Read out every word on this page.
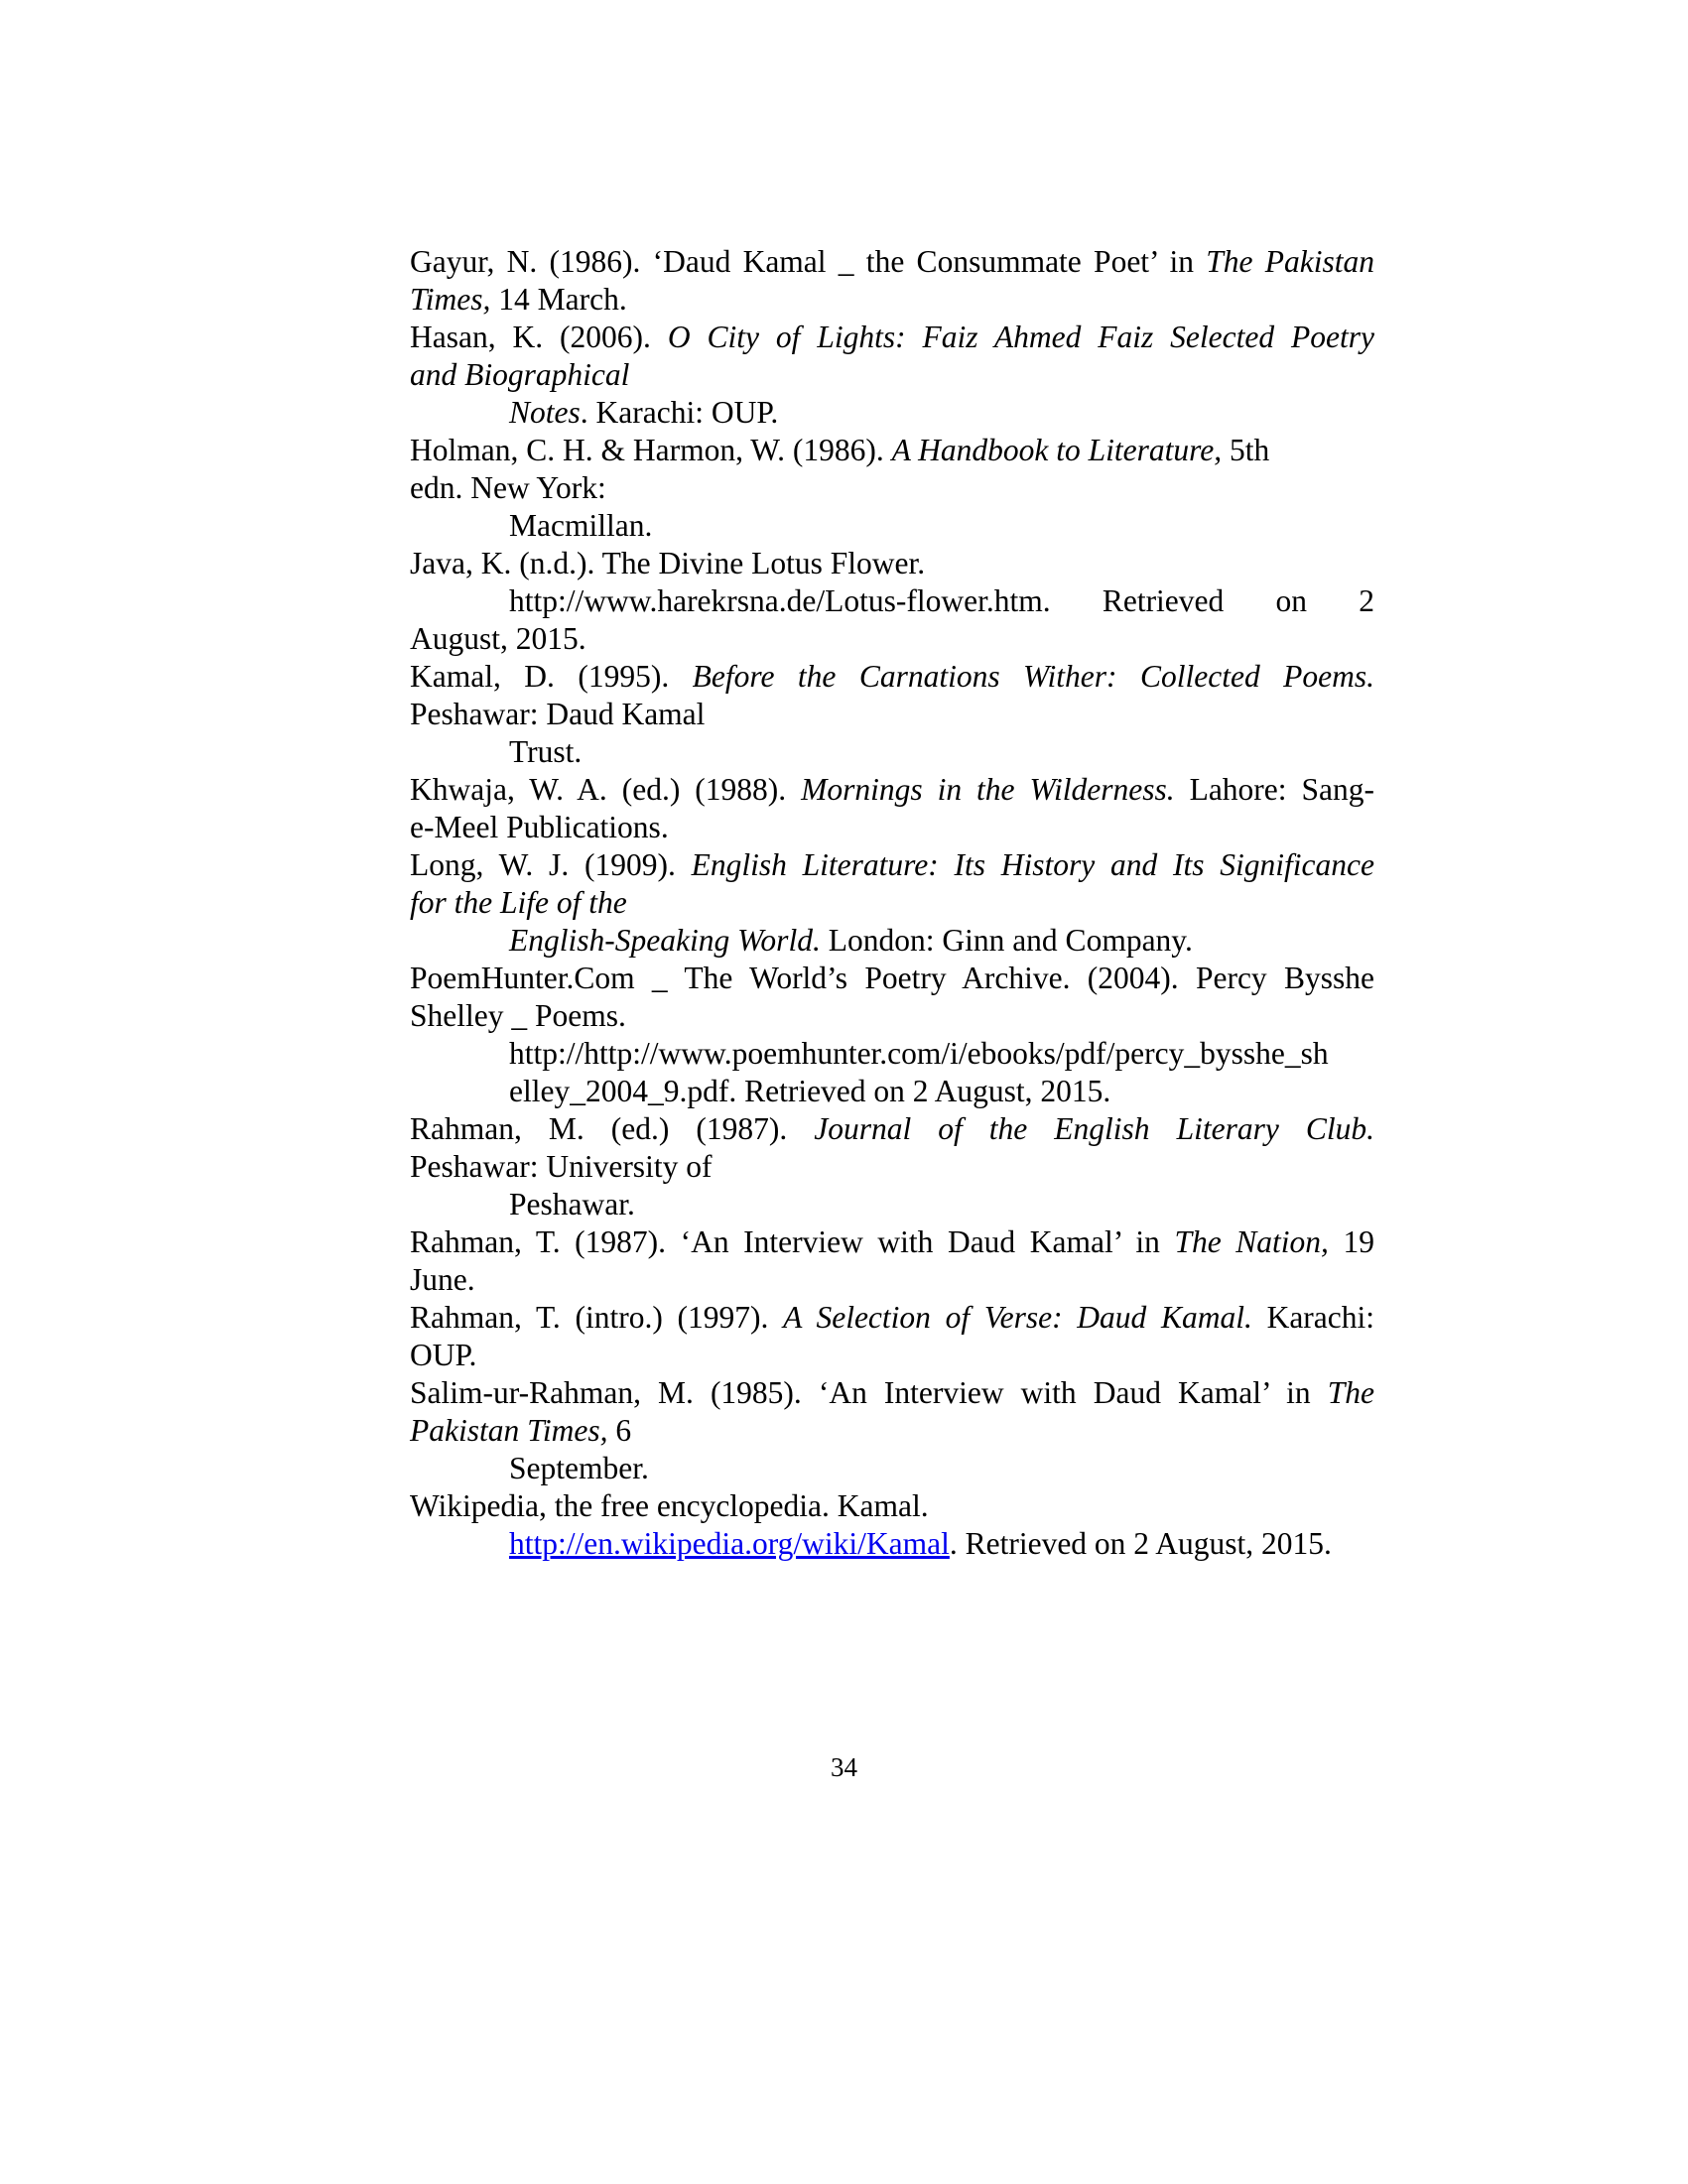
Gayur, N. (1986). ‘Daud Kamal _ the Consummate Poet’ in The Pakistan
Times, 14 March.
Hasan, K. (2006). O City of Lights: Faiz Ahmed Faiz Selected Poetry
and Biographical
Notes. Karachi: OUP.
Holman, C. H. & Harmon, W. (1986). A Handbook to Literature, 5th
edn. New York:
Macmillan.
Java, K. (n.d.). The Divine Lotus Flower.
http://www.harekrsna.de/Lotus-flower.htm. Retrieved on 2
August, 2015.
Kamal, D. (1995). Before the Carnations Wither: Collected Poems.
Peshawar: Daud Kamal
Trust.
Khwaja, W. A. (ed.) (1988). Mornings in the Wilderness. Lahore: Sang-
e-Meel Publications.
Long, W. J. (1909). English Literature: Its History and Its Significance
for the Life of the
English-Speaking World. London: Ginn and Company.
PoemHunter.Com _ The World’s Poetry Archive. (2004). Percy Bysshe
Shelley _ Poems.
http://http://www.poemhunter.com/i/ebooks/pdf/percy_bysshe_sh
elley_2004_9.pdf. Retrieved on 2 August, 2015.
Rahman, M. (ed.) (1987). Journal of the English Literary Club.
Peshawar: University of
Peshawar.
Rahman, T. (1987). ‘An Interview with Daud Kamal’ in The Nation, 19
June.
Rahman, T. (intro.) (1997). A Selection of Verse: Daud Kamal. Karachi:
OUP.
Salim-ur-Rahman, M. (1985). ‘An Interview with Daud Kamal’ in The
Pakistan Times, 6
September.
Wikipedia, the free encyclopedia. Kamal.
http://en.wikipedia.org/wiki/Kamal. Retrieved on 2 August, 2015.
34
